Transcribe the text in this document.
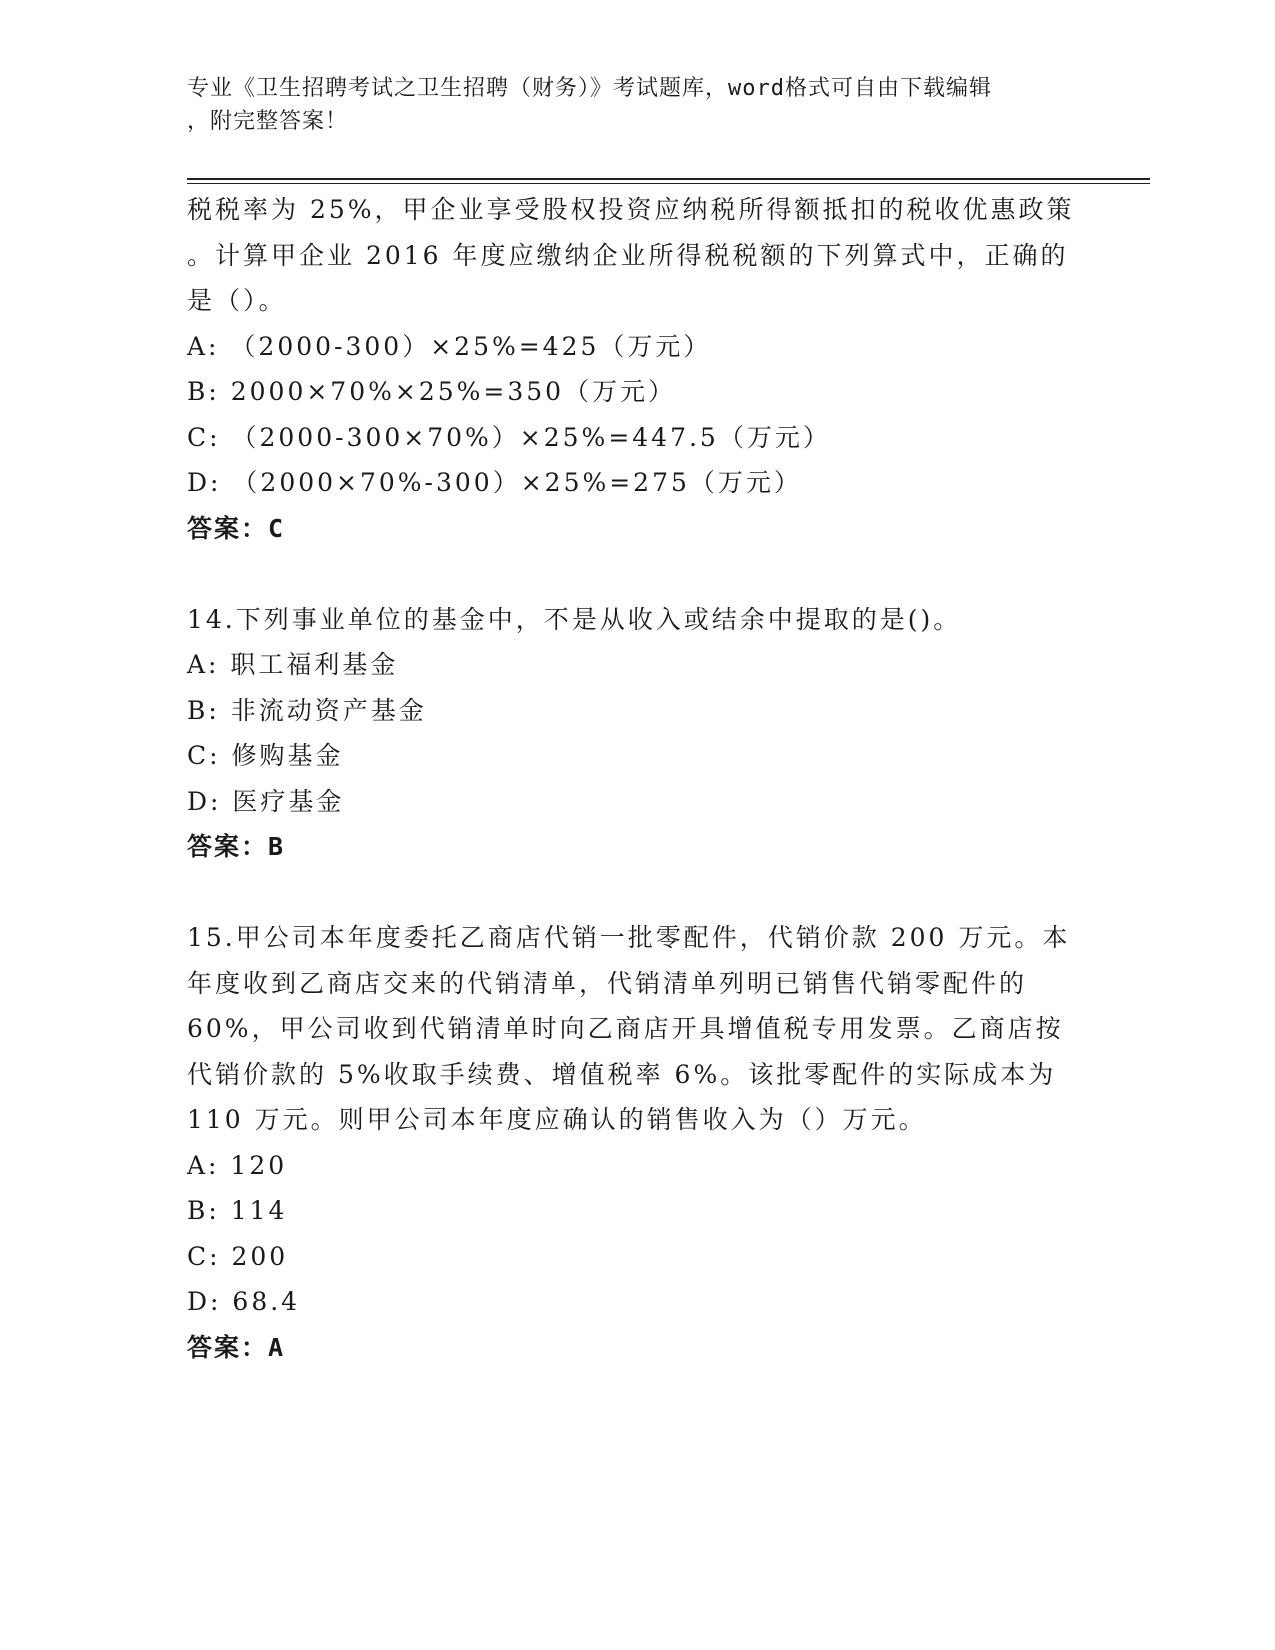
专业《卫生招聘考试之卫生招聘（财务）》考试题库，word格式可自由下载编辑
，附完整答案！
税税率为 25%，甲企业享受股权投资应纳税所得额抵扣的税收优惠政策
。计算甲企业 2016 年度应缴纳企业所得税税额的下列算式中，正确的
是（）。
A: （2000-300）×25%=425（万元）
B: 2000×70%×25%=350（万元）
C: （2000-300×70%）×25%=447.5（万元）
D: （2000×70%-300）×25%=275（万元）
答案：C
14.下列事业单位的基金中，不是从收入或结余中提取的是()。
A: 职工福利基金
B: 非流动资产基金
C: 修购基金
D: 医疗基金
答案：B
15.甲公司本年度委托乙商店代销一批零配件，代销价款 200 万元。本
年度收到乙商店交来的代销清单，代销清单列明已销售代销零配件的
60%，甲公司收到代销清单时向乙商店开具增值税专用发票。乙商店按
代销价款的 5%收取手续费、增值税率 6%。该批零配件的实际成本为
110 万元。则甲公司本年度应确认的销售收入为（）万元。
A: 120
B: 114
C: 200
D: 68.4
答案：A
